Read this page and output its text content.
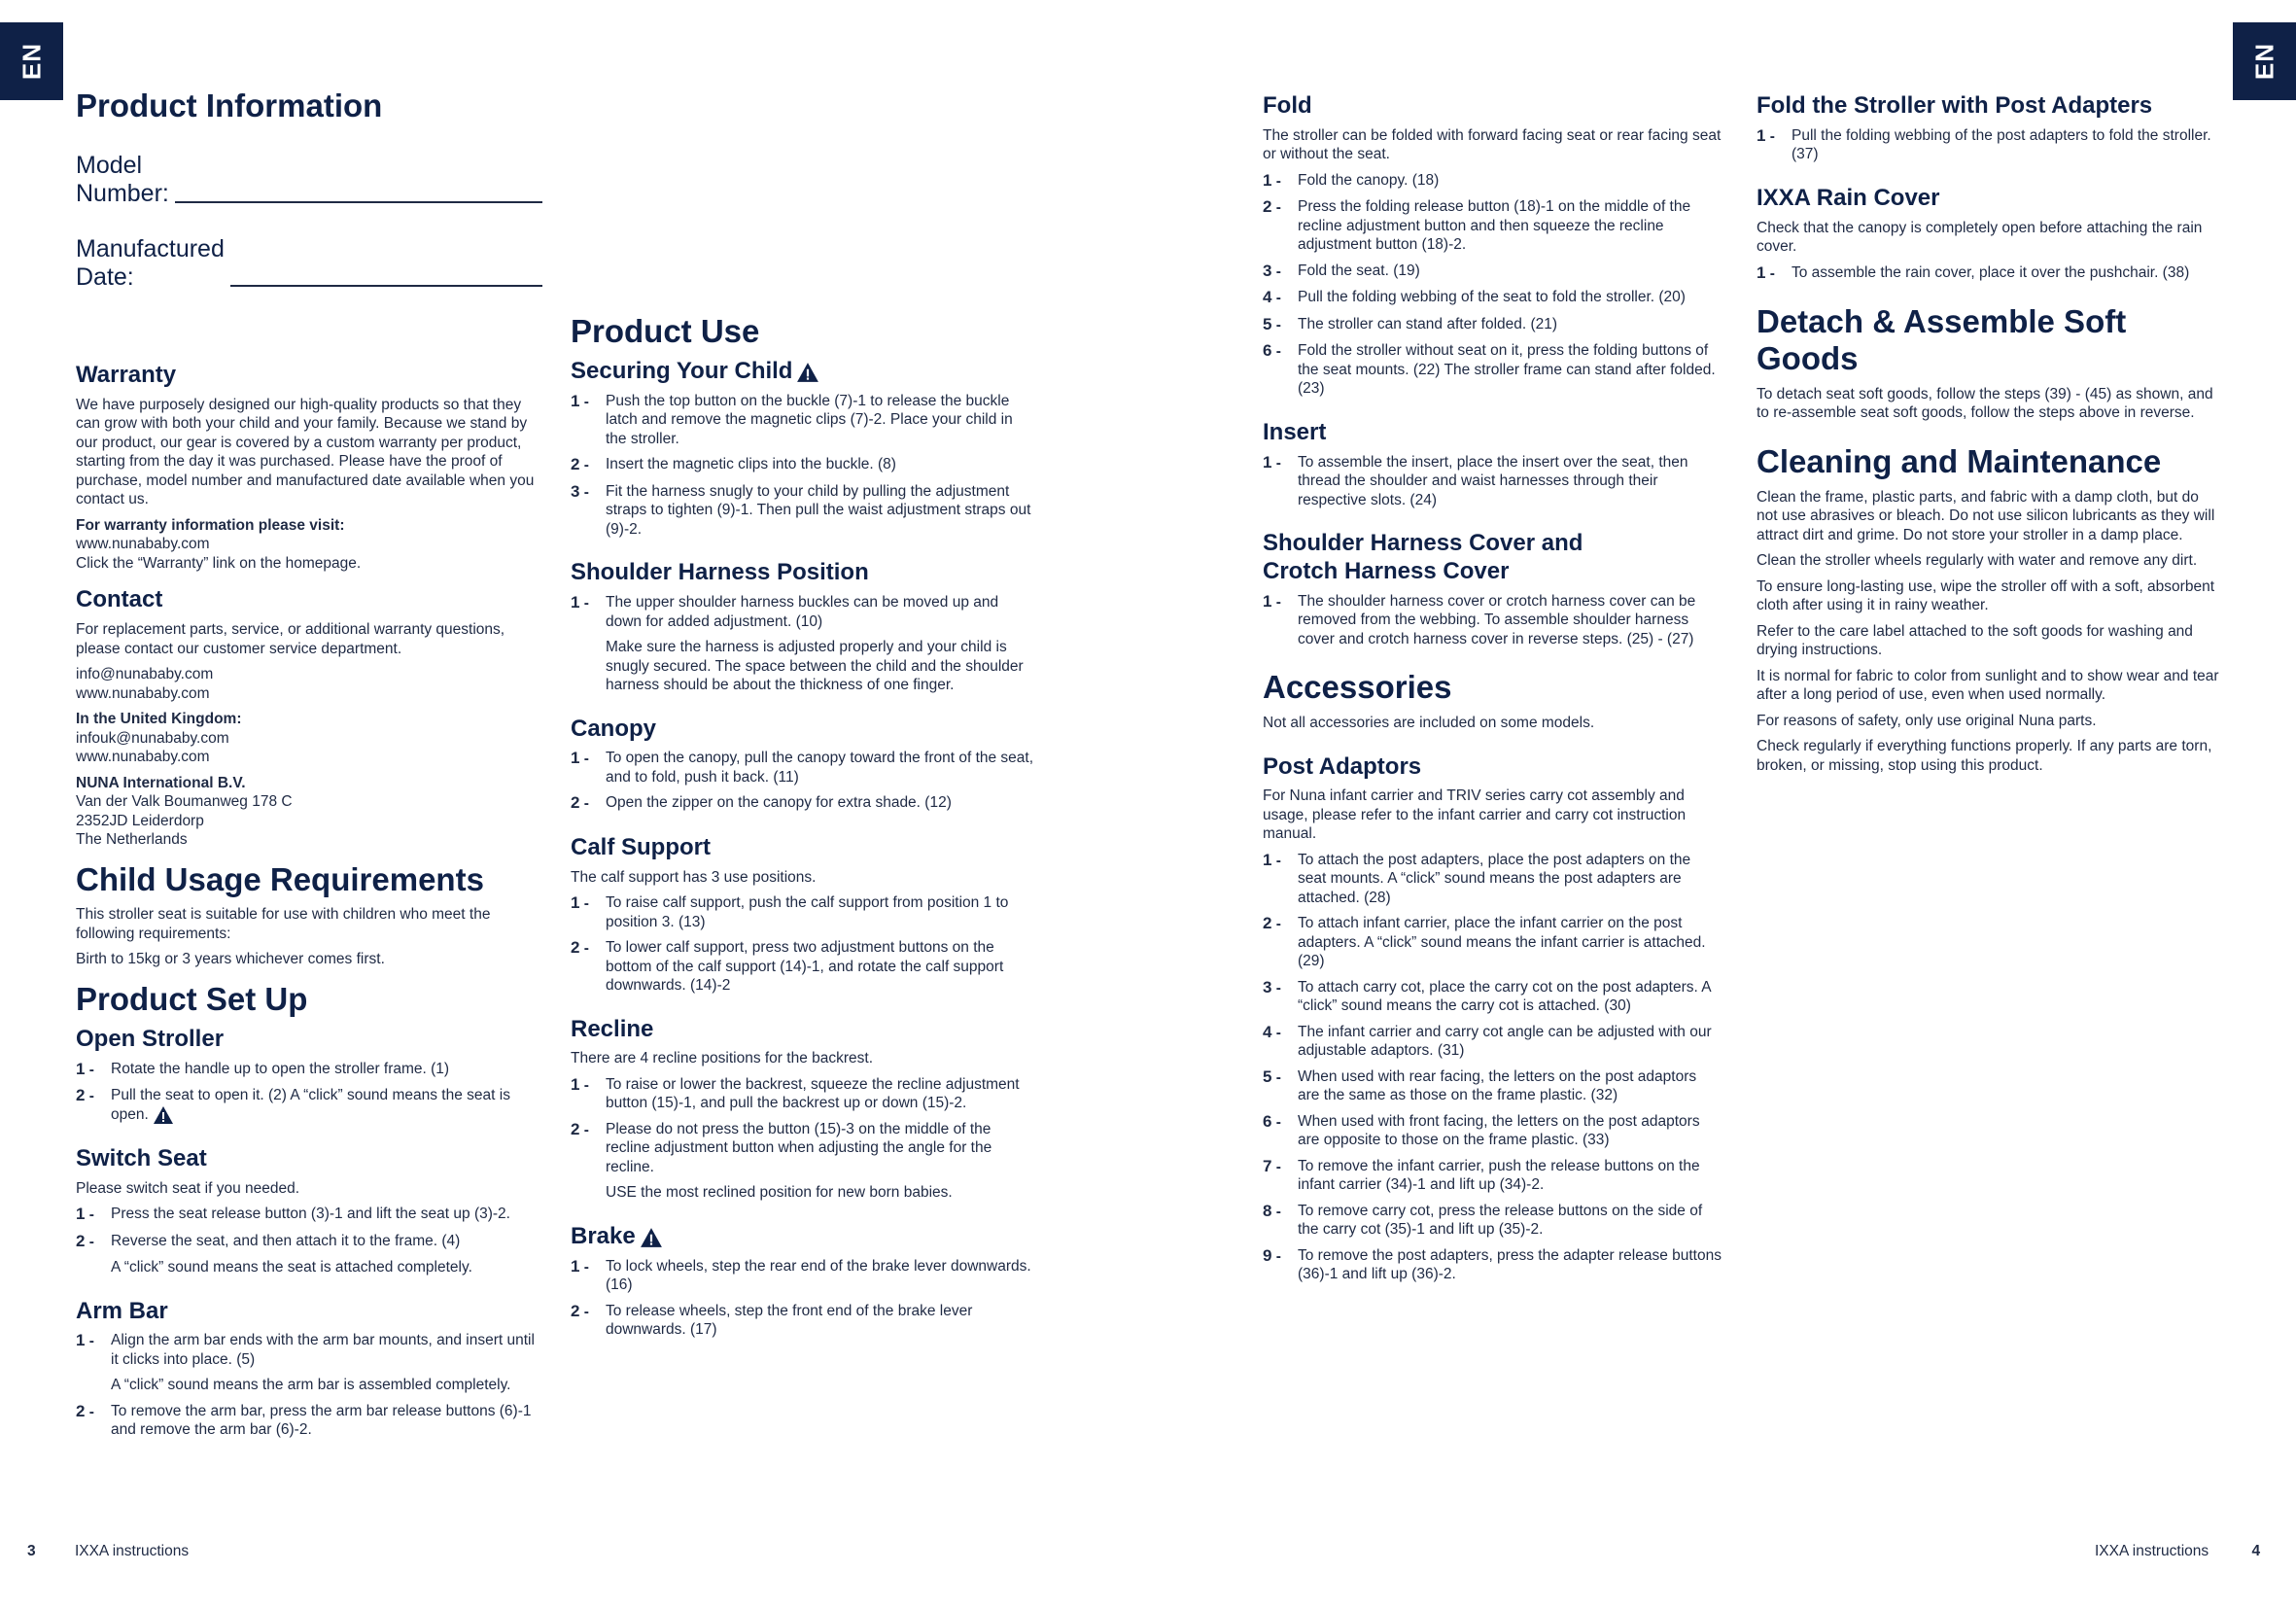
EN	EN
Product Information
Model Number:
Manufactured Date:
Warranty

We have purposely designed our high-quality products so that they can grow with both your child and your family. Because we stand by our product, our gear is covered by a custom warranty per product, starting from the day it was purchased. Please have the proof of purchase, model number and manufactured date available when you contact us.

For warranty information please visit:
www.nunababy.com
Click the “Warranty” link on the homepage.

Contact

For replacement parts, service, or additional warranty questions, please contact our customer service department.

info@nunababy.com
www.nunababy.com

In the United Kingdom:
infouk@nunababy.com
www.nunababy.com

NUNA International B.V.
Van der Valk Boumanweg 178 C
2352JD Leiderdorp
The Netherlands

Child Usage Requirements

This stroller seat is suitable for use with children who meet the following requirements:

Birth to 15kg or 3 years whichever comes first.

Product Set Up
Open Stroller
1 -	Rotate the handle up to open the stroller frame. (1)
2 -	Pull the seat to open it. (2) A “click” sound means the seat is open.
Switch Seat

Please switch seat if you needed.

1 -	Press the seat release button (3)-1 and lift the seat up (3)-2.
2 -	Reverse the seat, and then attach it to the frame. (4)
A “click” sound means the seat is attached completely.
Arm Bar
1 -	Align the arm bar ends with the arm bar mounts, and insert until it clicks into place. (5)
A “click” sound means the arm bar is assembled completely.
2 -	To remove the arm bar, press the arm bar release buttons (6)-1 and remove the arm bar (6)-2.
Product Use
Securing Your Child
1 -	Push the top button on the buckle (7)-1 to release the buckle latch and remove the magnetic clips (7)-2. Place your child in the stroller.
2 -	Insert the magnetic clips into the buckle. (8)
3 -	Fit the harness snugly to your child by pulling the adjustment straps to tighten (9)-1. Then pull the waist adjustment straps out (9)-2.
Shoulder Harness Position
1 -	The upper shoulder harness buckles can be moved up and down for added adjustment. (10)
Make sure the harness is adjusted properly and your child is snugly secured. The space between the child and the shoulder harness should be about the thickness of one finger.
Canopy
1 -	To open the canopy, pull the canopy toward the front of the seat, and to fold, push it back. (11)
2 -	Open the zipper on the canopy for extra shade. (12)
Calf Support

The calf support has 3 use positions.

1 -	To raise calf support, push the calf support from position 1 to position 3. (13)
2 -	To lower calf support, press two adjustment buttons on the bottom of the calf support (14)-1, and rotate the calf support downwards. (14)-2
Recline

There are 4 recline positions for the backrest.

1 -	To raise or lower the backrest, squeeze the recline adjustment button (15)-1, and pull the backrest up or down (15)-2.
2 -	Please do not press the button (15)-3 on the middle of the recline adjustment button when adjusting the angle for the recline.
USE the most reclined position for new born babies.
Brake
1 -	To lock wheels, step the rear end of the brake lever downwards. (16)
2 -	To release wheels, step the front end of the brake lever downwards. (17)
Fold

The stroller can be folded with forward facing seat or rear facing seat or without the seat.

1 -	Fold the canopy. (18)
2 -	Press the folding release button (18)-1 on the middle of the recline adjustment button and then squeeze the recline adjustment button (18)-2.
3 -	Fold the seat. (19)
4 -	Pull the folding webbing of the seat to fold the stroller. (20)
5 -	The stroller can stand after folded. (21)
6 -	Fold the stroller without seat on it, press the folding buttons of the seat mounts. (22) The stroller frame can stand after folded. (23)
Insert
1 -	To assemble the insert, place the insert over the seat, then thread the shoulder and waist harnesses through their respective slots. (24)
Shoulder Harness Cover and
Crotch Harness Cover
1 -	The shoulder harness cover or crotch harness cover can be removed from the webbing. To assemble shoulder harness cover and crotch harness cover in reverse steps. (25) - (27)
Accessories

Not all accessories are included on some models.

Post Adaptors

For Nuna infant carrier and TRIV series carry cot assembly and usage, please refer to the infant carrier and carry cot instruction manual.

1 -	To attach the post adapters, place the post adapters on the seat mounts. A “click” sound means the post adapters are attached. (28)
2 -	To attach infant carrier, place the infant carrier on the post adapters. A “click” sound means the infant carrier is attached. (29)
3 -	To attach carry cot, place the carry cot on the post adapters. A “click” sound means the carry cot is attached. (30)
4 -	The infant carrier and carry cot angle can be adjusted with our adjustable adaptors. (31)
5 -	When used with rear facing, the letters on the post adaptors are the same as those on the frame plastic. (32)
6 -	When used with front facing, the letters on the post adaptors are opposite to those on the frame plastic. (33)
7 -	To remove the infant carrier, push the release buttons on the infant carrier (34)-1 and lift up (34)-2.
8 -	To remove carry cot, press the release buttons on the side of the carry cot (35)-1 and lift up (35)-2.
9 -	To remove the post adapters, press the adapter release buttons (36)-1 and lift up (36)-2.
Fold the Stroller with Post Adapters
1 -	Pull the folding webbing of the post adapters to fold the stroller. (37)
IXXA Rain Cover

Check that the canopy is completely open before attaching the rain cover.

1 -	To assemble the rain cover, place it over the pushchair. (38)
Detach & Assemble Soft Goods

To detach seat soft goods, follow the steps (39) - (45) as shown, and to re-assemble seat soft goods, follow the steps above in reverse.

Cleaning and Maintenance

Clean the frame, plastic parts, and fabric with a damp cloth, but do not use abrasives or bleach. Do not use silicon lubricants as they will attract dirt and grime. Do not store your stroller in a damp place.

Clean the stroller wheels regularly with water and remove any dirt.

To ensure long-lasting use, wipe the stroller off with a soft, absorbent cloth after using it in rainy weather.

Refer to the care label attached to the soft goods for washing and drying instructions.

It is normal for fabric to color from sunlight and to show wear and tear after a long period of use, even when used normally.

For reasons of safety, only use original Nuna parts.

Check regularly if everything functions properly. If any parts are torn, broken, or missing, stop using this product.

3	IXXA instructions	IXXA instructions	4
